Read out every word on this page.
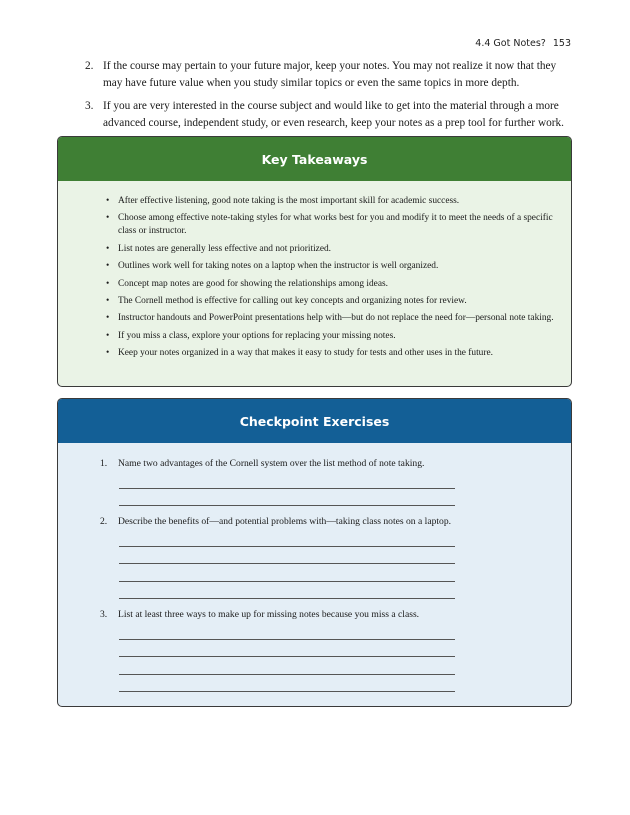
4.4 Got Notes? 153
2. If the course may pertain to your future major, keep your notes. You may not realize it now that they may have future value when you study similar topics or even the same topics in more depth.
3. If you are very interested in the course subject and would like to get into the material through a more advanced course, independent study, or even research, keep your notes as a prep tool for further work.
Key Takeaways
• After effective listening, good note taking is the most important skill for academic success.
• Choose among effective note-taking styles for what works best for you and modify it to meet the needs of a specific class or instructor.
• List notes are generally less effective and not prioritized.
• Outlines work well for taking notes on a laptop when the instructor is well organized.
• Concept map notes are good for showing the relationships among ideas.
• The Cornell method is effective for calling out key concepts and organizing notes for review.
• Instructor handouts and PowerPoint presentations help with—but do not replace the need for—personal note taking.
• If you miss a class, explore your options for replacing your missing notes.
• Keep your notes organized in a way that makes it easy to study for tests and other uses in the future.
Checkpoint Exercises
1. Name two advantages of the Cornell system over the list method of note taking.
2. Describe the benefits of—and potential problems with—taking class notes on a laptop.
3. List at least three ways to make up for missing notes because you miss a class.
